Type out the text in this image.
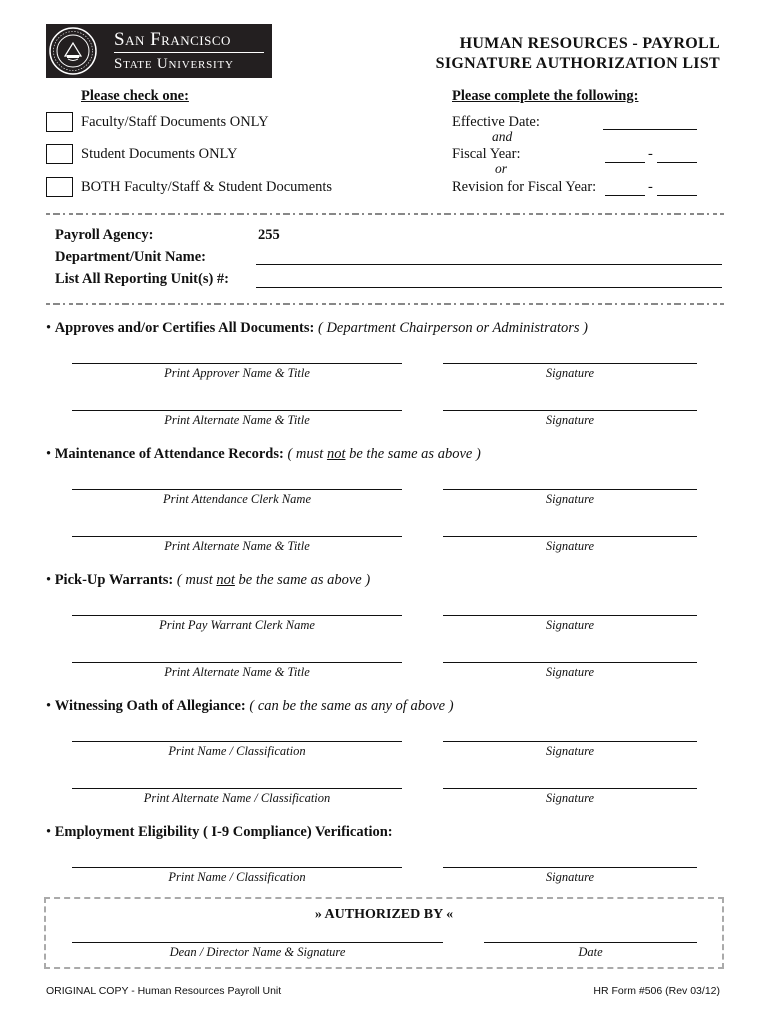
San Francisco
State University
HUMAN RESOURCES - PAYROLL
SIGNATURE AUTHORIZATION LIST
Please check one:
Faculty/Staff Documents ONLY
Student Documents ONLY
BOTH Faculty/Staff & Student Documents
Please complete the following:
Effective Date:
and
Fiscal Year:	-
or
Revision for Fiscal Year:	-
Payroll Agency:	255
Department/Unit Name:
List All Reporting Unit(s) #:
• Approves and/or Certifies All Documents: ( Department Chairperson or Administrators )
Print Approver Name & Title	Signature
Print Alternate Name & Title	Signature
• Maintenance of Attendance Records: ( must not be the same as above )
Print Attendance Clerk Name	Signature
Print Alternate Name & Title	Signature
• Pick-Up Warrants: ( must not be the same as above )
Print Pay Warrant Clerk Name	Signature
Print Alternate Name & Title	Signature
• Witnessing Oath of Allegiance: ( can be the same as any of above )
Print Name / Classification	Signature
Print Alternate Name / Classification	Signature
• Employment Eligibility ( I-9 Compliance) Verification:
Print Name / Classification	Signature
» AUTHORIZED BY «
Dean / Director Name & Signature	Date
ORIGINAL COPY - Human Resources Payroll Unit	HR Form #506 (Rev 03/12)
